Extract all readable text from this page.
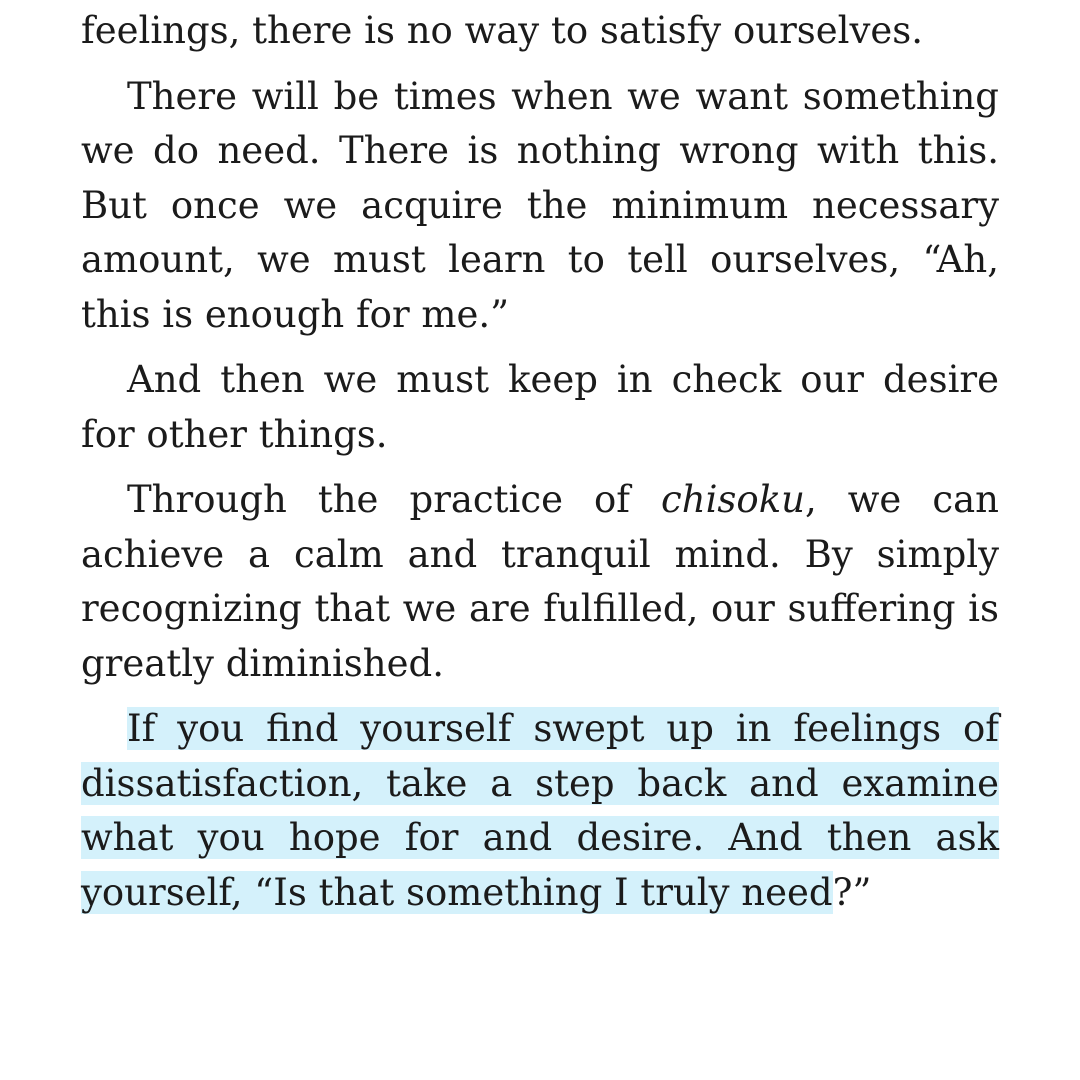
feelings, there is no way to satisfy ourselves.

There will be times when we want something we do need. There is nothing wrong with this. But once we acquire the minimum necessary amount, we must learn to tell ourselves, “Ah, this is enough for me.”

And then we must keep in check our desire for other things.

Through the practice of chisoku, we can achieve a calm and tranquil mind. By simply recognizing that we are fulfilled, our suffering is greatly diminished.

If you find yourself swept up in feelings of dissatisfaction, take a step back and examine what you hope for and desire. And then ask yourself, “Is that something I truly need?”
